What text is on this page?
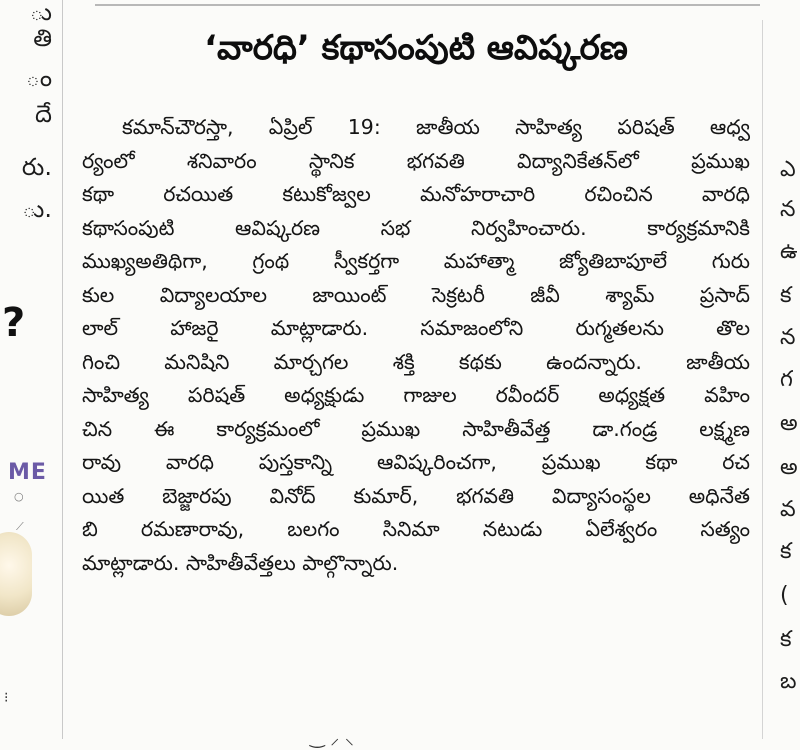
ు
తి
ం
దే
రు.
ు.
?
ME
○
⟋
⁝
‘వారధి’ కథాసంపుటి ఆవిష్కరణ
కమాన్‌చౌరస్తా, ఏప్రిల్ 19: జాతీయ సాహిత్య పరిషత్ ఆధ్వ
ర్యంలో శనివారం స్థానిక భగవతి విద్యానికేతన్‌లో ప్రముఖ
కథా రచయిత కటుకోజ్వల మనోహరాచారి రచించిన వారధి
కథాసంపుటి ఆవిష్కరణ సభ నిర్వహించారు. కార్యక్రమానికి
ముఖ్యఅతిథిగా, గ్రంథ స్వీకర్తగా మహాత్మా జ్యోతిబాపూలే గురు
కుల విద్యాలయాల జాయింట్ సెక్రటరీ జీవీ శ్యామ్ ప్రసాద్
లాల్ హాజరై మాట్లాడారు. సమాజంలోని రుగ్మతలను తొల
గించి మనిషిని మార్చగల శక్తి కథకు ఉందన్నారు. జాతీయ
సాహిత్య పరిషత్ అధ్యక్షుడు గాజుల రవీందర్ అధ్యక్షత వహిం
చిన ఈ కార్యక్రమంలో ప్రముఖ సాహితీవేత్త డా.గండ్ర లక్ష్మణ
రావు వారధి పుస్తకాన్ని ఆవిష్కరించగా, ప్రముఖ కథా రచ
యిత బెజ్జారపు వినోద్ కుమార్, భగవతి విద్యాసంస్థల అధినేత
బి రమణారావు, బలగం సినిమా నటుడు ఏలేశ్వరం సత్యం
మాట్లాడారు. సాహితీవేత్తలు పాల్గొన్నారు.
ఎ
న
ఉ
క
న
గ
అ
అ
వ
క
(
క
బ
‿ ⸝ ⸜
